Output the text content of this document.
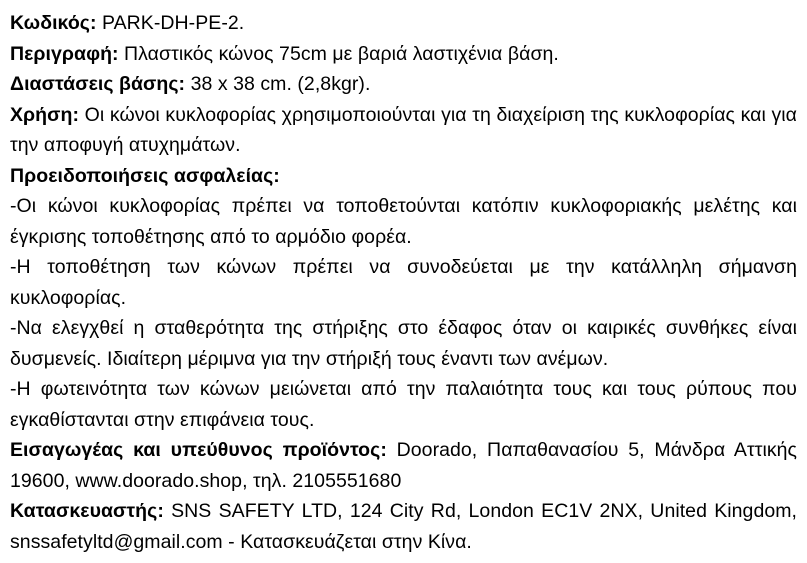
Κωδικός: PARK-DH-PE-2.

Περιγραφή: Πλαστικός κώνος 75cm με βαριά λαστιχένια βάση.

Διαστάσεις βάσης: 38 x 38 cm. (2,8kgr).

Χρήση: Οι κώνοι κυκλοφορίας χρησιμοποιούνται για τη διαχείριση της κυκλοφορίας και για την αποφυγή ατυχημάτων.

Προειδοποιήσεις ασφαλείας:

-Οι κώνοι κυκλοφορίας πρέπει να τοποθετούνται κατόπιν κυκλοφοριακής μελέτης και έγκρισης τοποθέτησης από το αρμόδιο φορέα.

-Η τοποθέτηση των κώνων πρέπει να συνοδεύεται με την κατάλληλη σήμανση κυκλοφορίας.

-Να ελεγχθεί η σταθερότητα της στήριξης στο έδαφος όταν οι καιρικές συνθήκες είναι δυσμενείς. Ιδιαίτερη μέριμνα για την στήριξή τους έναντι των ανέμων.

-Η φωτεινότητα των κώνων μειώνεται από την παλαιότητα τους και τους ρύπους που εγκαθίστανται στην επιφάνεια τους.

Εισαγωγέας και υπεύθυνος προϊόντος: Doorado, Παπαθανασίου 5, Μάνδρα Αττικής 19600, www.doorado.shop, τηλ. 2105551680

Κατασκευαστής: SNS SAFETY LTD, 124 City Rd, London EC1V 2NX, United Kingdom, snssafetyltd@gmail.com - Κατασκευάζεται στην Κίνα.
